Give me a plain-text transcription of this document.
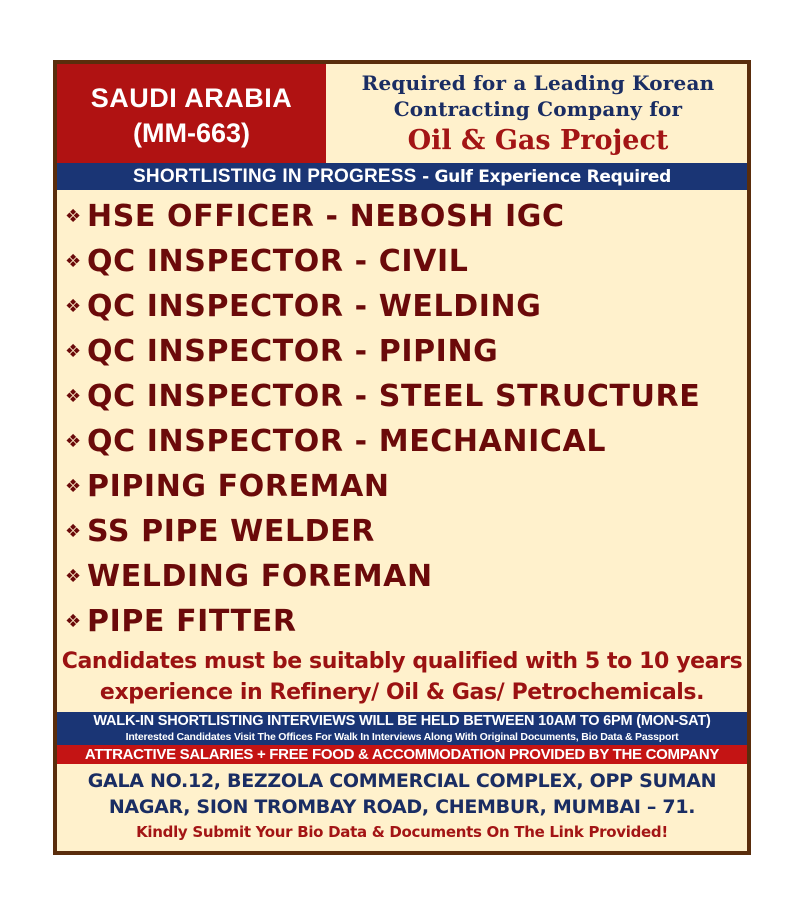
SAUDI ARABIA
(MM-663)
Required for a Leading Korean
Contracting Company for
Oil & Gas Project
SHORTLISTING IN PROGRESS - Gulf Experience Required
❖ HSE OFFICER - NEBOSH IGC
❖ QC INSPECTOR - CIVIL
❖ QC INSPECTOR - WELDING
❖ QC INSPECTOR - PIPING
❖ QC INSPECTOR - STEEL STRUCTURE
❖ QC INSPECTOR - MECHANICAL
❖ PIPING FOREMAN
❖ SS PIPE WELDER
❖ WELDING FOREMAN
❖ PIPE FITTER
Candidates must be suitably qualified with 5 to 10 years
experience in Refinery/ Oil & Gas/ Petrochemicals.
WALK-IN SHORTLISTING INTERVIEWS WILL BE HELD BETWEEN 10AM TO 6PM (MON-SAT)
Interested Candidates Visit The Offices For Walk In Interviews Along With Original Documents, Bio Data & Passport
ATTRACTIVE SALARIES + FREE FOOD & ACCOMMODATION PROVIDED BY THE COMPANY
GALA NO.12, BEZZOLA COMMERCIAL COMPLEX, OPP SUMAN
NAGAR, SION TROMBAY ROAD, CHEMBUR, MUMBAI – 71.
Kindly Submit Your Bio Data & Documents On The Link Provided!
